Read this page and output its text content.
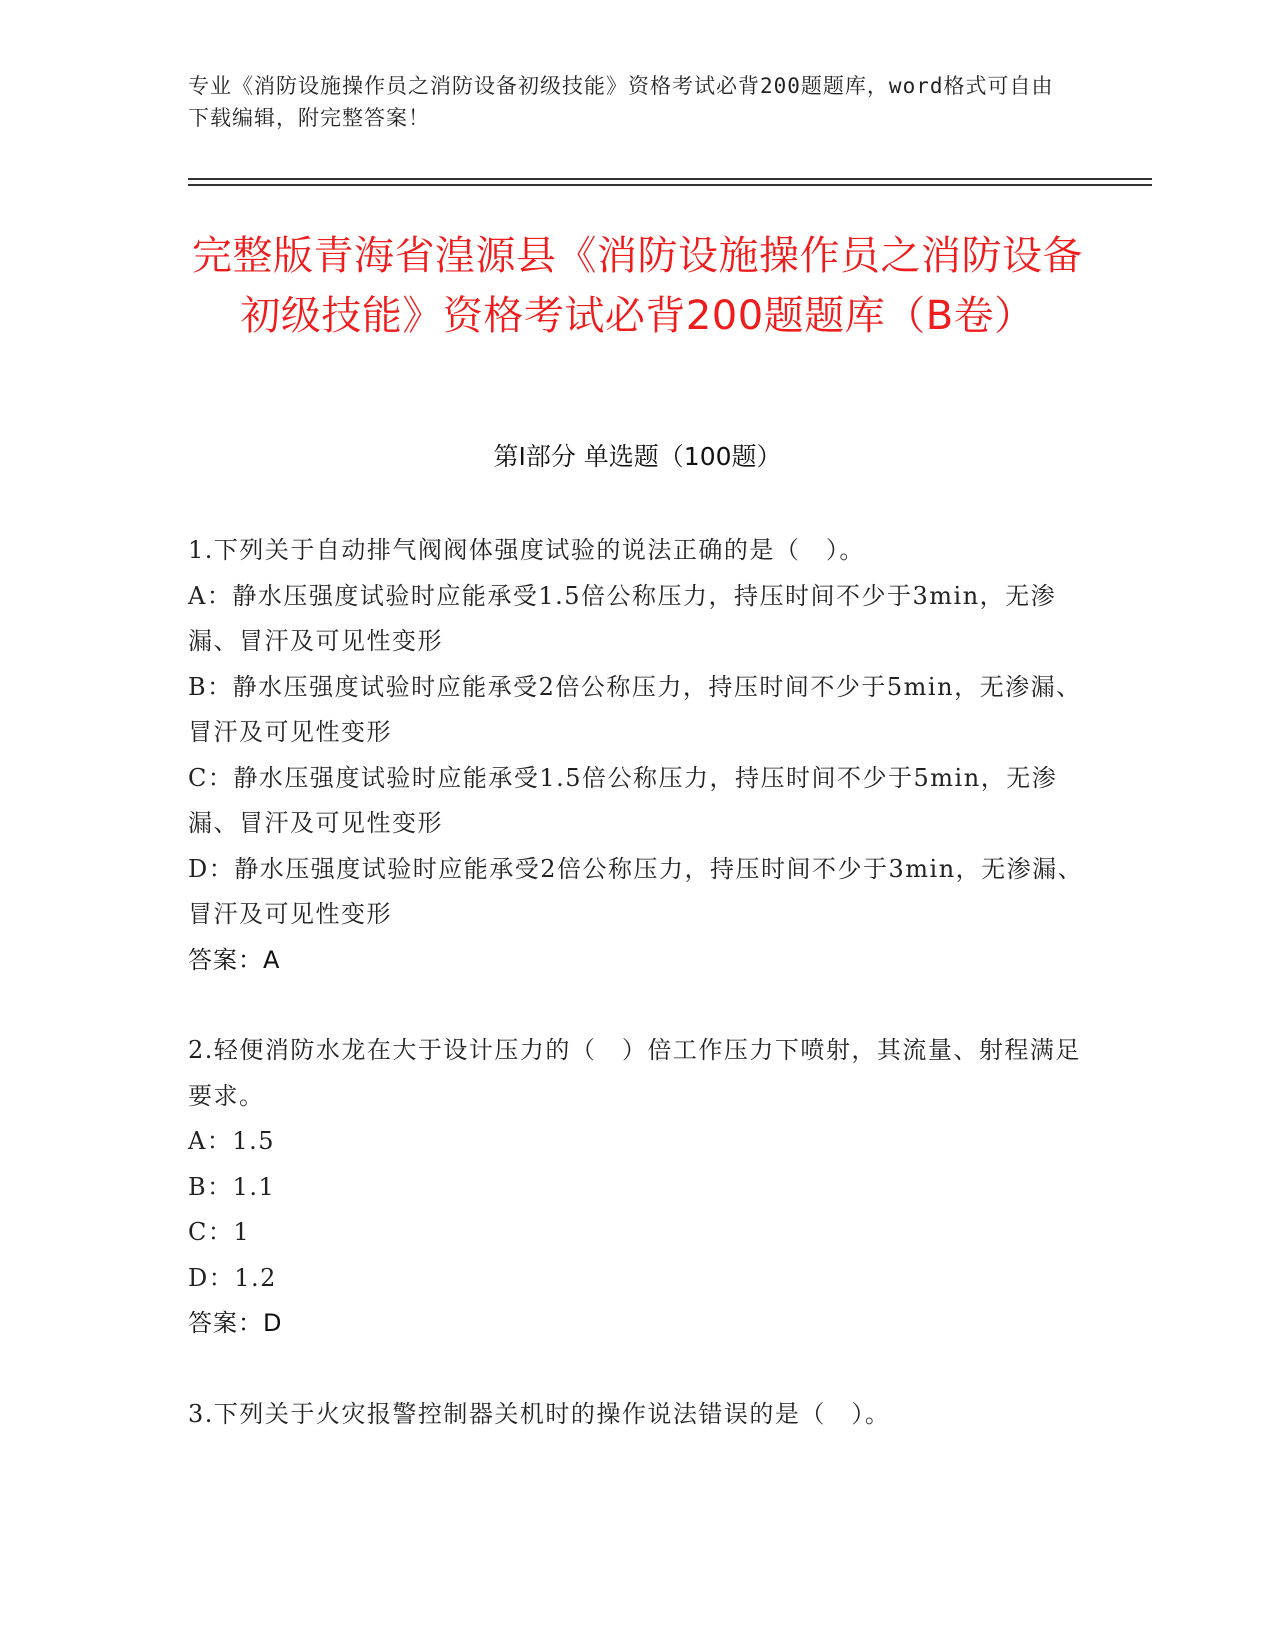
专业《消防设施操作员之消防设备初级技能》资格考试必背200题题库，word格式可自由下载编辑，附完整答案！
完整版青海省湟源县《消防设施操作员之消防设备初级技能》资格考试必背200题题库（B卷）
第Ⅰ部分 单选题（100题）
1.下列关于自动排气阀阀体强度试验的说法正确的是（　）。
A：静水压强度试验时应能承受1.5倍公称压力，持压时间不少于3min，无渗漏、冒汗及可见性变形
B：静水压强度试验时应能承受2倍公称压力，持压时间不少于5min，无渗漏、冒汗及可见性变形
C：静水压强度试验时应能承受1.5倍公称压力，持压时间不少于5min，无渗漏、冒汗及可见性变形
D：静水压强度试验时应能承受2倍公称压力，持压时间不少于3min，无渗漏、冒汗及可见性变形
答案：A
2.轻便消防水龙在大于设计压力的（　）倍工作压力下喷射，其流量、射程满足要求。
A：1.5
B：1.1
C：1
D：1.2
答案：D
3.下列关于火灾报警控制器关机时的操作说法错误的是（　）。
